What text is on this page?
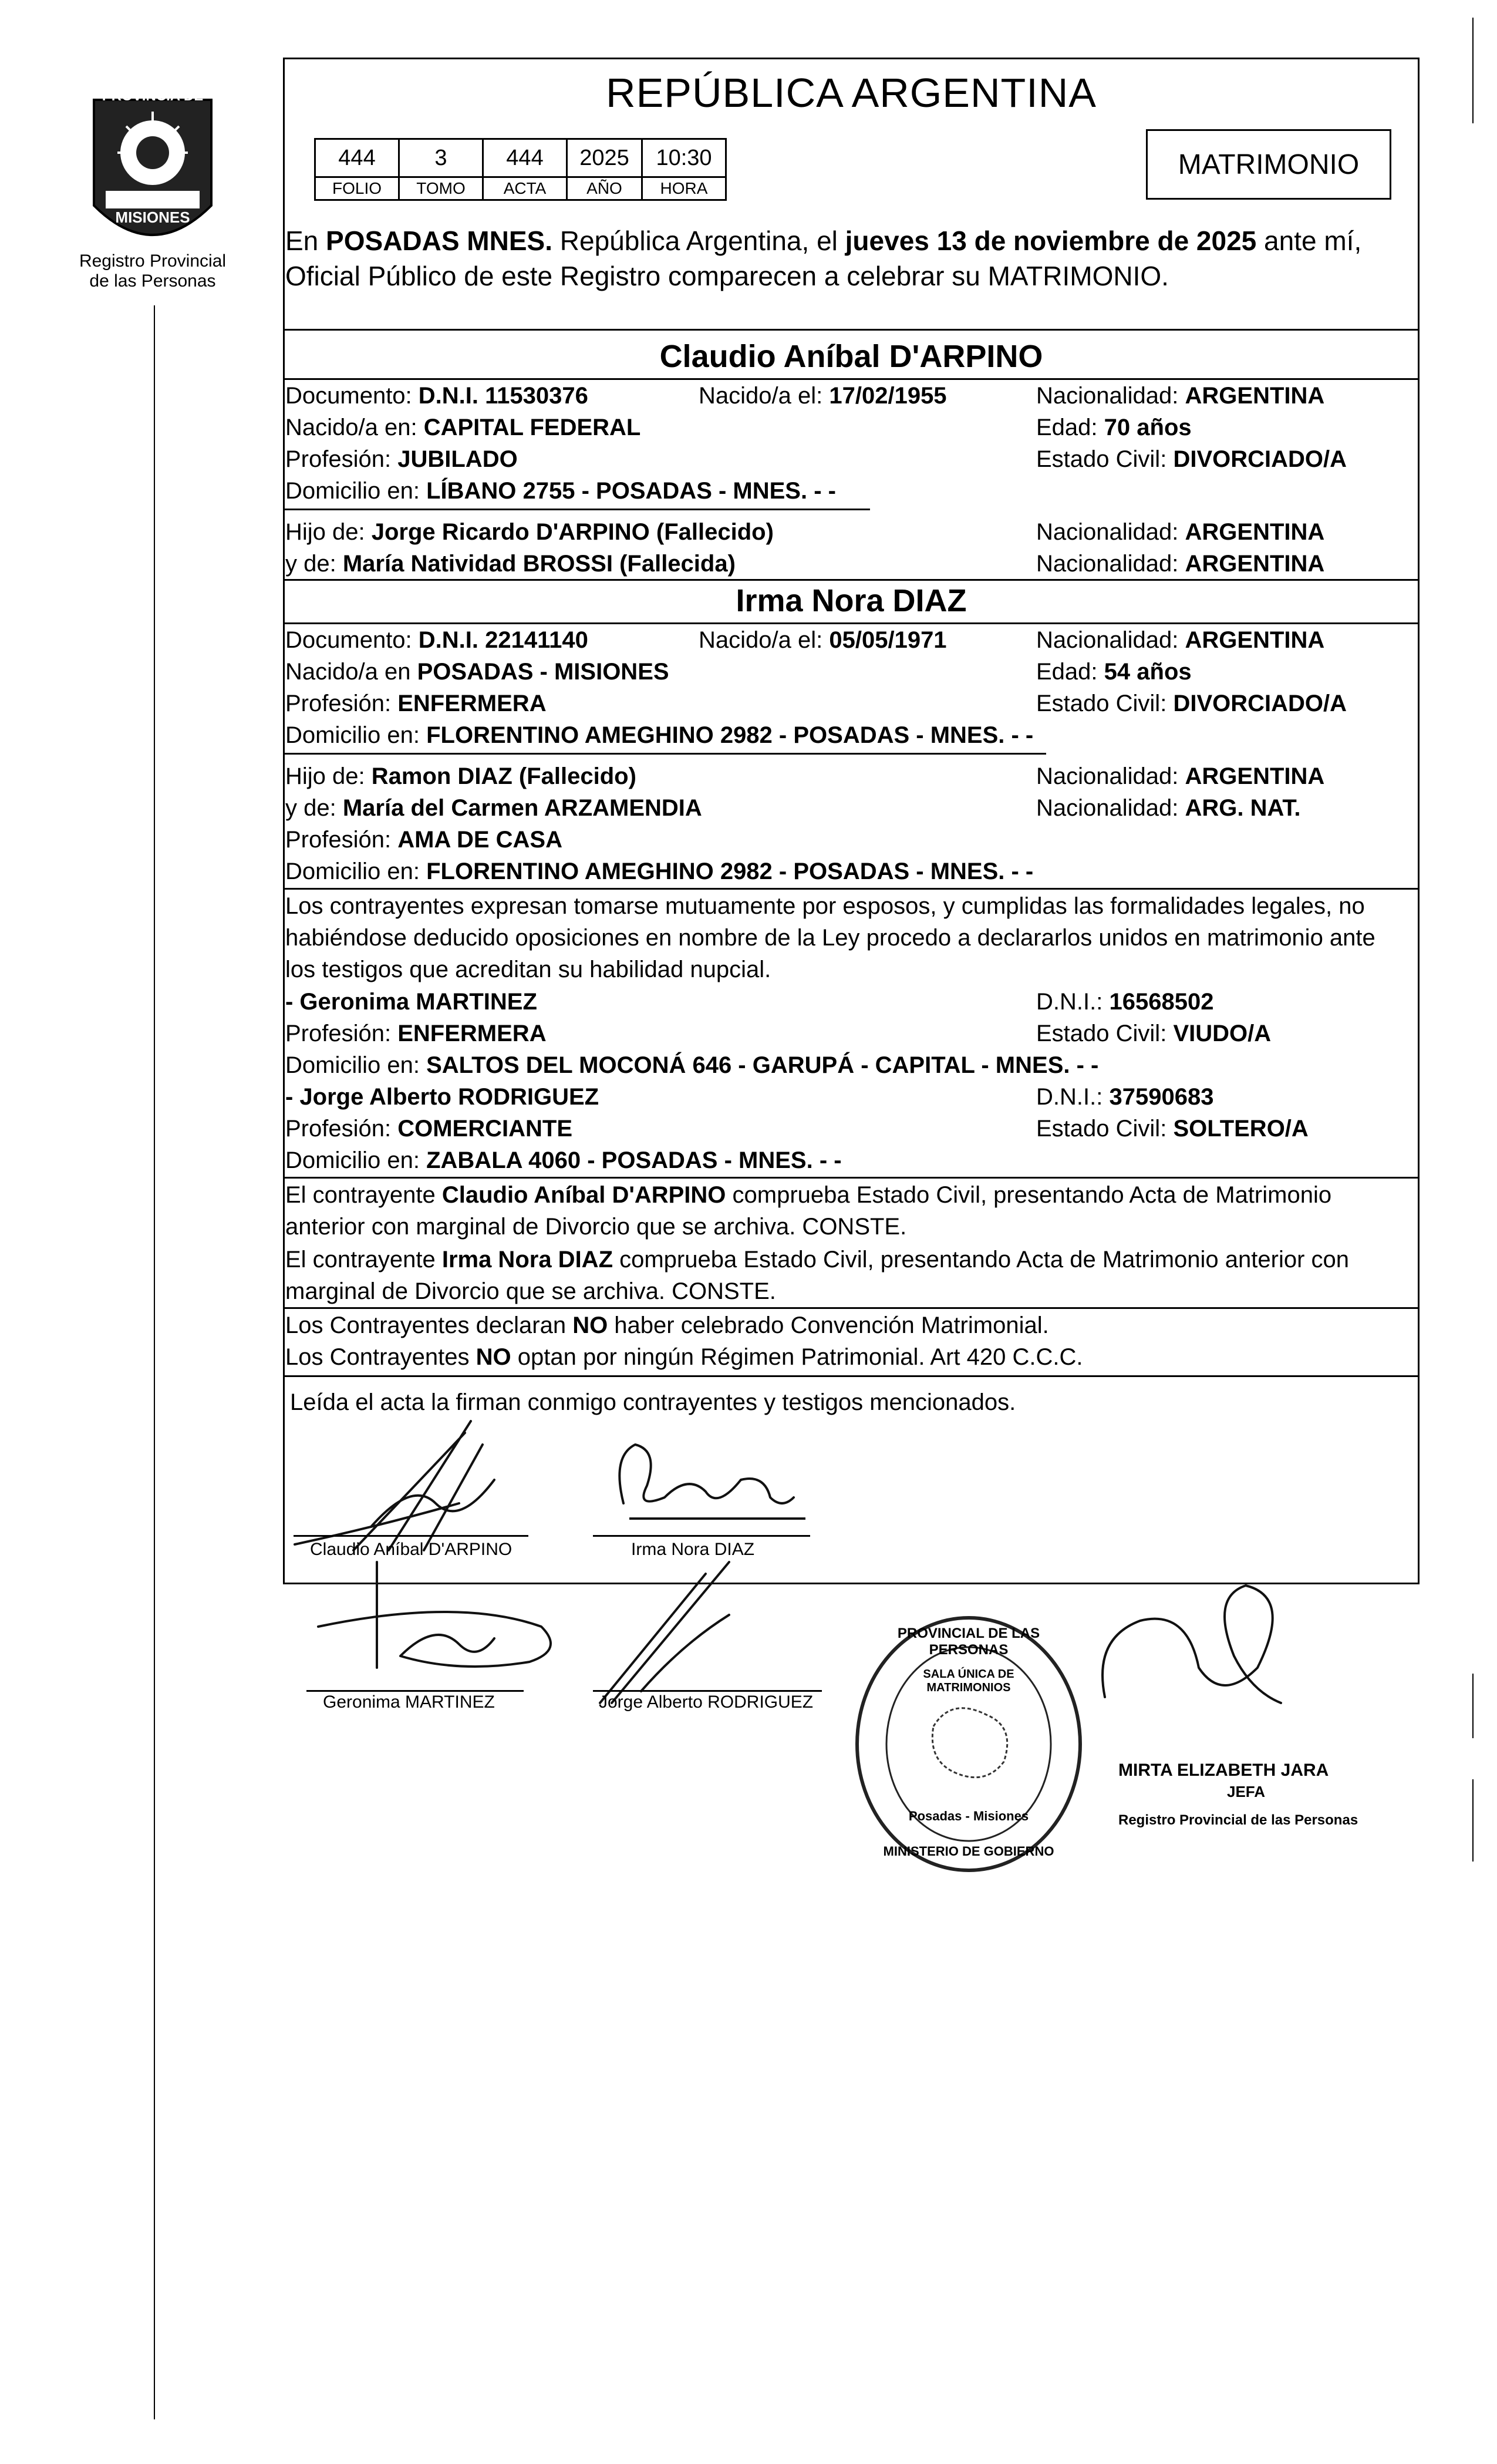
PROVINCIA DE
MISIONES
Registro Provincial
de las Personas
REPÚBLICA ARGENTINA
444	3	444	2025	10:30
FOLIO	TOMO	ACTA	AÑO	HORA
MATRIMONIO
En POSADAS MNES. República Argentina, el jueves 13 de noviembre de 2025 ante mí,
Oficial Público de este Registro comparecen a celebrar su MATRIMONIO.
Claudio Aníbal D'ARPINO
Documento: D.N.I. 11530376	Nacido/a el: 17/02/1955	Nacionalidad: ARGENTINA
Nacido/a en: CAPITAL FEDERAL	Edad: 70 años
Profesión: JUBILADO	Estado Civil: DIVORCIADO/A
Domicilio en: LÍBANO 2755 - POSADAS - MNES. - -
Hijo de: Jorge Ricardo D'ARPINO (Fallecido)	Nacionalidad: ARGENTINA
y de: María Natividad BROSSI (Fallecida)	Nacionalidad: ARGENTINA
Irma Nora DIAZ
Documento: D.N.I. 22141140	Nacido/a el: 05/05/1971	Nacionalidad: ARGENTINA
Nacido/a en POSADAS - MISIONES	Edad: 54 años
Profesión: ENFERMERA	Estado Civil: DIVORCIADO/A
Domicilio en: FLORENTINO AMEGHINO 2982 - POSADAS - MNES. - -
Hijo de: Ramon DIAZ (Fallecido)	Nacionalidad: ARGENTINA
y de: María del Carmen ARZAMENDIA	Nacionalidad: ARG. NAT.
Profesión: AMA DE CASA
Domicilio en: FLORENTINO AMEGHINO 2982 - POSADAS - MNES. - -
Los contrayentes expresan tomarse mutuamente por esposos, y cumplidas las formalidades legales, no
habiéndose deducido oposiciones en nombre de la Ley procedo a declararlos unidos en matrimonio ante
los testigos que acreditan su habilidad nupcial.
- Geronima MARTINEZ	D.N.I.: 16568502
Profesión: ENFERMERA	Estado Civil: VIUDO/A
Domicilio en: SALTOS DEL MOCONÁ 646 - GARUPÁ - CAPITAL - MNES. - -
- Jorge Alberto RODRIGUEZ	D.N.I.: 37590683
Profesión: COMERCIANTE	Estado Civil: SOLTERO/A
Domicilio en: ZABALA 4060 - POSADAS - MNES. - -
El contrayente Claudio Aníbal D'ARPINO comprueba Estado Civil, presentando Acta de Matrimonio
anterior con marginal de Divorcio que se archiva. CONSTE.
El contrayente Irma Nora DIAZ comprueba Estado Civil, presentando Acta de Matrimonio anterior con
marginal de Divorcio que se archiva. CONSTE.
Los Contrayentes declaran NO haber celebrado Convención Matrimonial.
Los Contrayentes NO optan por ningún Régimen Patrimonial. Art 420 C.C.C.
Leída el acta la firman conmigo contrayentes y testigos mencionados.
Claudio Aníbal D'ARPINO	Irma Nora DIAZ
Geronima MARTINEZ	Jorge Alberto RODRIGUEZ
PROVINCIAL DE LAS PERSONAS
SALA ÚNICA DE MATRIMONIOS
Posadas - Misiones
MINISTERIO DE GOBIERNO
MIRTA ELIZABETH JARA
JEFA
Registro Provincial de las Personas
